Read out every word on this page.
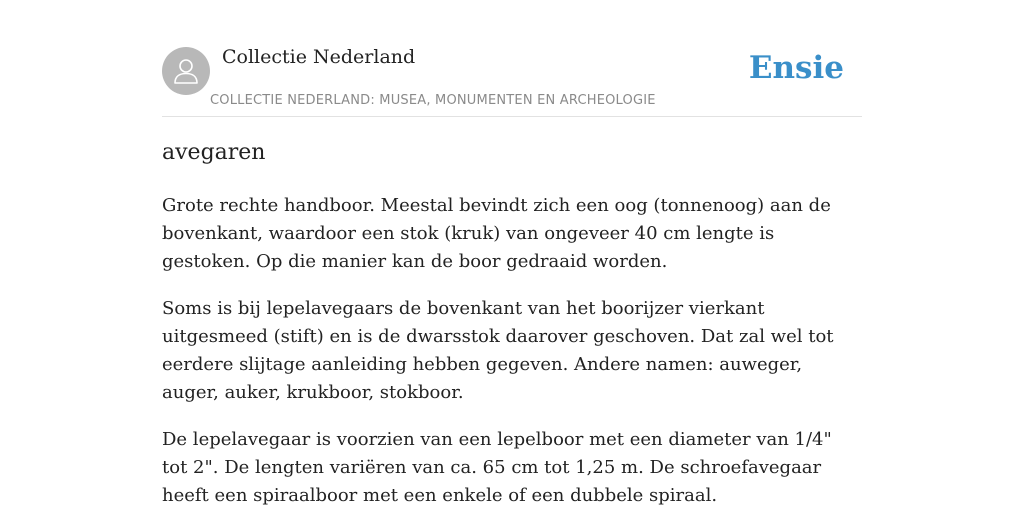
Collectie Nederland
COLLECTIE NEDERLAND: MUSEA, MONUMENTEN EN ARCHEOLOGIE
Ensie
avegaren

Grote rechte handboor. Meestal bevindt zich een oog (tonnenoog) aan de bovenkant, waardoor een stok (kruk) van ongeveer 40 cm lengte is gestoken. Op die manier kan de boor gedraaid worden.

Soms is bij lepelavegaars de bovenkant van het boorijzer vierkant uitgesmeed (stift) en is de dwarsstok daarover geschoven. Dat zal wel tot eerdere slijtage aanleiding hebben gegeven. Andere namen: auweger, auger, auker, krukboor, stokboor.

De lepelavegaar is voorzien van een lepelboor met een diameter van 1/4" tot 2". De lengten variëren van ca. 65 cm tot 1,25 m. De schroefavegaar heeft een spiraalboor met een enkele of een dubbele spiraal.
